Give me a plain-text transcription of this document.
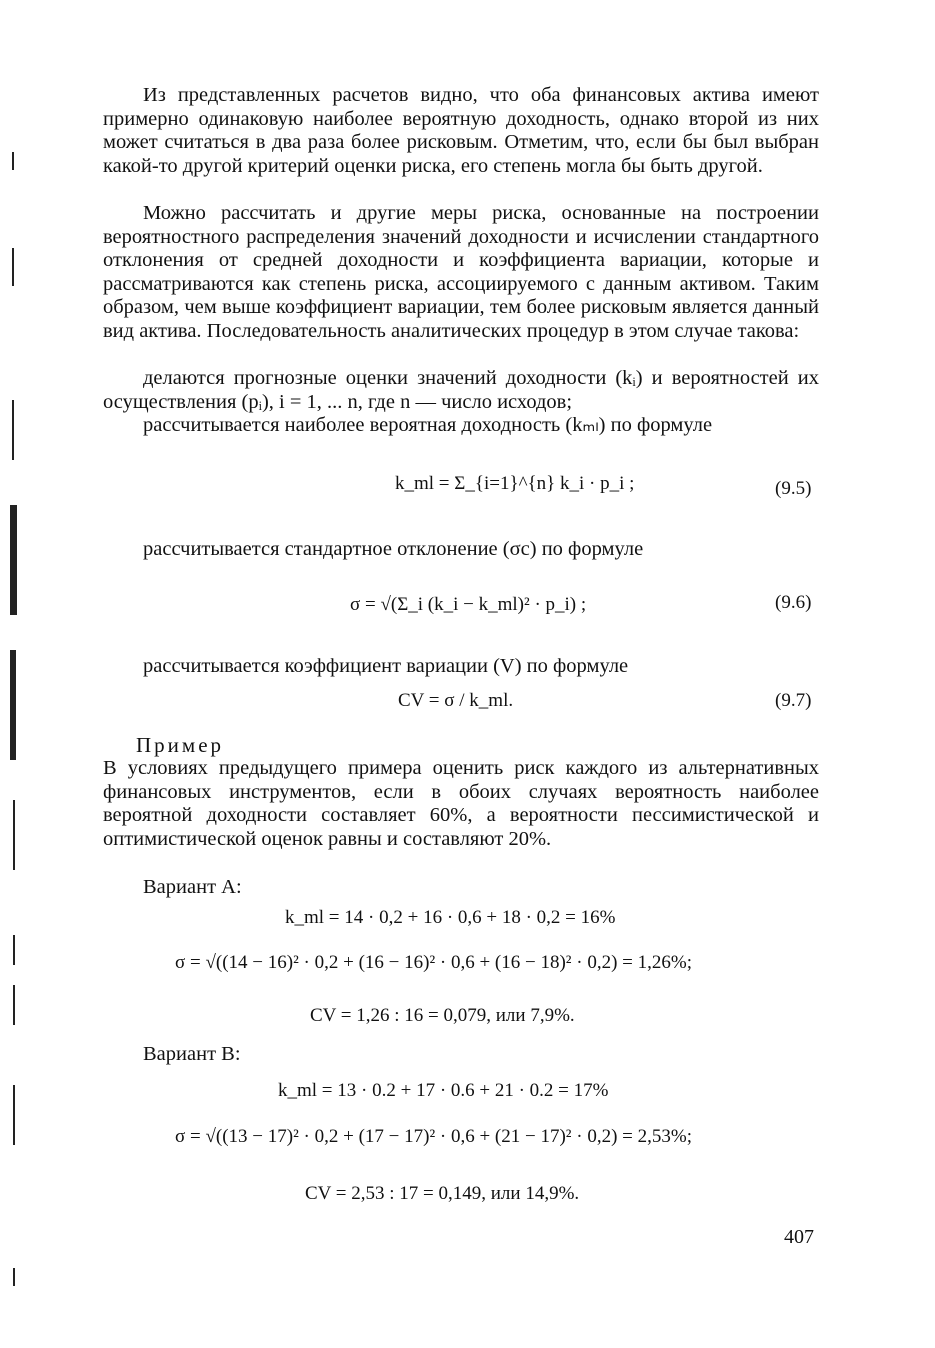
Из представленных расчетов видно, что оба финансовых актива имеют примерно одинаковую наиболее вероятную доходность, однако второй из них может считаться в два раза более рисковым. Отметим, что, если бы был выбран какой-то другой критерий оценки риска, его степень могла бы быть другой.

Можно рассчитать и другие меры риска, основанные на построении вероятностного распределения значений доходности и исчислении стандартного отклонения от средней доходности и коэффициента вариации, которые и рассматриваются как степень риска, ассоциируемого с данным активом. Таким образом, чем выше коэффициент вариации, тем более рисковым является данный вид актива. Последовательность аналитических процедур в этом случае такова:

делаются прогнозные оценки значений доходности (kᵢ) и вероятностей их осуществления (pᵢ), i = 1, ... n, где n — число исходов;

рассчитывается наиболее вероятная доходность (kₘₗ) по формуле

k_ml = Σ_{i=1}^{n} k_i · p_i ;	(9.5)

рассчитывается стандартное отклонение (σc) по формуле

σ = √(Σ_i (k_i − k_ml)² · p_i) ;	(9.6)

рассчитывается коэффициент вариации (V) по формуле

CV = σ / k_ml.	(9.7)
Пример

В условиях предыдущего примера оценить риск каждого из альтернативных финансовых инструментов, если в обоих случаях вероятность наиболее вероятной доходности составляет 60%, а вероятности пессимистической и оптимистической оценок равны и составляют 20%.

Вариант А:
k_ml = 14 · 0,2 + 16 · 0,6 + 18 · 0,2 = 16%
σ = √((14 − 16)² · 0,2 + (16 − 16)² · 0,6 + (16 − 18)² · 0,2) = 1,26%;
CV = 1,26 : 16 = 0,079, или 7,9%.
Вариант В:
k_ml = 13 · 0.2 + 17 · 0.6 + 21 · 0.2 = 17%
σ = √((13 − 17)² · 0,2 + (17 − 17)² · 0,6 + (21 − 17)² · 0,2) = 2,53%;
CV = 2,53 : 17 = 0,149, или 14,9%.
407
